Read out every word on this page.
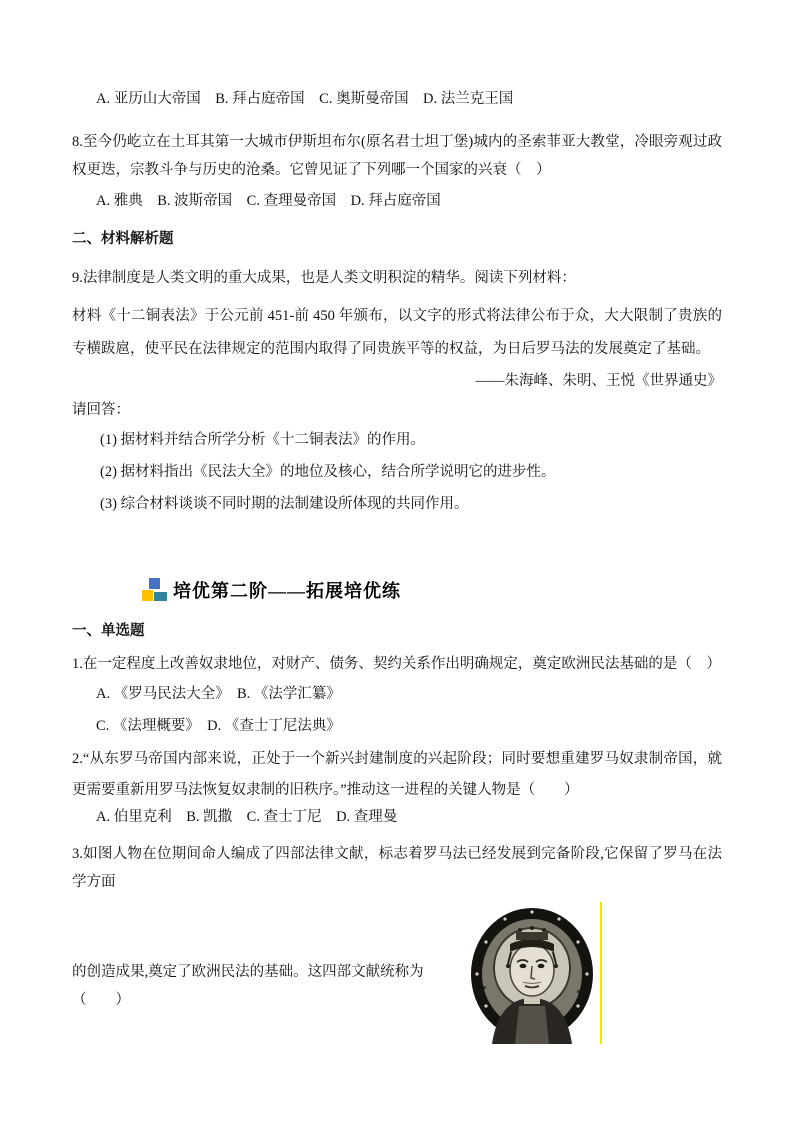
A. 亚历山大帝国　B. 拜占庭帝国　C. 奥斯曼帝国　D. 法兰克王国

8.至今仍屹立在土耳其第一大城市伊斯坦布尔(原名君士坦丁堡)城内的圣索菲亚大教堂，冷眼旁观过政权更迭，宗教斗争与历史的沧桑。它曾见证了下列哪一个国家的兴衰（　）

A. 雅典　B. 波斯帝国　C. 查理曼帝国　D. 拜占庭帝国

二、材料解析题

9.法律制度是人类文明的重大成果，也是人类文明积淀的精华。阅读下列材料：

材料《十二铜表法》于公元前 451-前 450 年颁布，以文字的形式将法律公布于众，大大限制了贵族的专横跋扈，使平民在法律规定的范围内取得了同贵族平等的权益，为日后罗马法的发展奠定了基础。

——朱海峰、朱明、王悦《世界通史》

请回答：

(1) 据材料并结合所学分析《十二铜表法》的作用。

(2) 据材料指出《民法大全》的地位及核心，结合所学说明它的进步性。

(3) 综合材料谈谈不同时期的法制建设所体现的共同作用。

培优第二阶——拓展培优练
一、单选题

1.在一定程度上改善奴隶地位，对财产、债务、契约关系作出明确规定，奠定欧洲民法基础的是（　）

A. 《罗马民法大全》　B. 《法学汇纂》

C. 《法理概要》　D. 《查士丁尼法典》

2.“从东罗马帝国内部来说，正处于一个新兴封建制度的兴起阶段；同时要想重建罗马奴隶制帝国，就更需要重新用罗马法恢复奴隶制的旧秩序。”推动这一进程的关键人物是（　　）

A. 伯里克利　B. 凯撒　C. 查士丁尼　D. 查理曼

3.如图人物在位期间命人编成了四部法律文献，标志着罗马法已经发展到完备阶段,它保留了罗马在法学方面

的创造成果,奠定了欧洲民法的基础。这四部文献统称为（　　）
